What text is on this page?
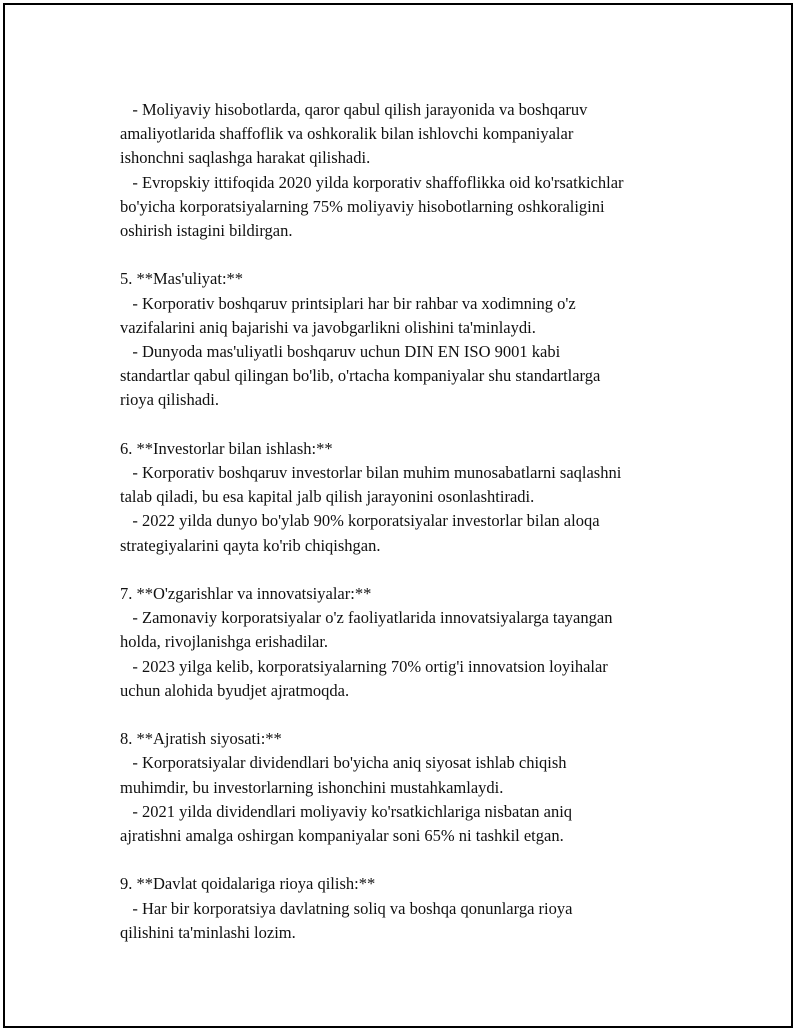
- Moliyaviy hisobotlarda, qaror qabul qilish jarayonida va boshqaruv
amaliyotlarida shaffoflik va oshkoralik bilan ishlovchi kompaniyalar
ishonchni saqlashga harakat qilishadi.
- Evropskiy ittifoqida 2020 yilda korporativ shaffoflikka oid ko'rsatkichlar
bo'yicha korporatsiyalarning 75% moliyaviy hisobotlarning oshkoraligini
oshirish istagini bildirgan.
5. **Mas'uliyat:**
- Korporativ boshqaruv printsiplari har bir rahbar va xodimning o'z
vazifalarini aniq bajarishi va javobgarlikni olishini ta'minlaydi.
- Dunyoda mas'uliyatli boshqaruv uchun DIN EN ISO 9001 kabi
standartlar qabul qilingan bo'lib, o'rtacha kompaniyalar shu standartlarga
rioya qilishadi.
6. **Investorlar bilan ishlash:**
- Korporativ boshqaruv investorlar bilan muhim munosabatlarni saqlashni
talab qiladi, bu esa kapital jalb qilish jarayonini osonlashtiradi.
- 2022 yilda dunyo bo'ylab 90% korporatsiyalar investorlar bilan aloqa
strategiyalarini qayta ko'rib chiqishgan.
7. **O'zgarishlar va innovatsiyalar:**
- Zamonaviy korporatsiyalar o'z faoliyatlarida innovatsiyalarga tayangan
holda, rivojlanishga erishadilar.
- 2023 yilga kelib, korporatsiyalarning 70% ortig'i innovatsion loyihalar
uchun alohida byudjet ajratmoqda.
8. **Ajratish siyosati:**
- Korporatsiyalar dividendlari bo'yicha aniq siyosat ishlab chiqish
muhimdir, bu investorlarning ishonchini mustahkamlaydi.
- 2021 yilda dividendlari moliyaviy ko'rsatkichlariga nisbatan aniq
ajratishni amalga oshirgan kompaniyalar soni 65% ni tashkil etgan.
9. **Davlat qoidalariga rioya qilish:**
- Har bir korporatsiya davlatning soliq va boshqa qonunlarga rioya
qilishini ta'minlashi lozim.
